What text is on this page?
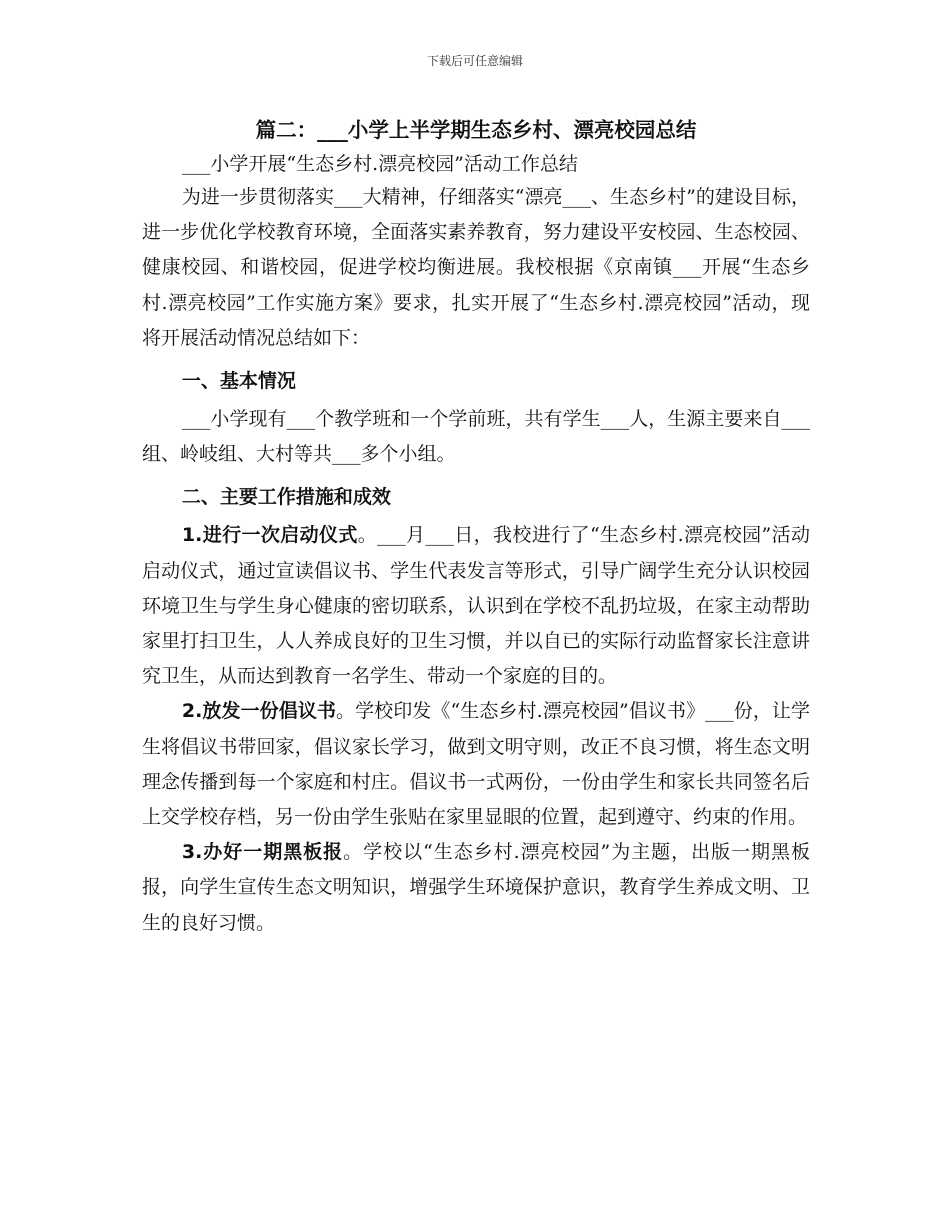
下载后可任意编辑
篇二：___小学上半学期生态乡村、漂亮校园总结
___小学开展“生态乡村.漂亮校园”活动工作总结

为进一步贯彻落实___大精神，仔细落实“漂亮___、生态乡村”的建设目标，进一步优化学校教育环境，全面落实素养教育，努力建设平安校园、生态校园、健康校园、和谐校园，促进学校均衡进展。我校根据《京南镇___开展“生态乡村.漂亮校园”工作实施方案》要求，扎实开展了“生态乡村.漂亮校园”活动，现将开展活动情况总结如下：

一、基本情况

___小学现有___个教学班和一个学前班，共有学生___人，生源主要来自___组、岭岐组、大村等共___多个小组。

二、主要工作措施和成效

1.进行一次启动仪式。___月___日，我校进行了“生态乡村.漂亮校园”活动启动仪式，通过宣读倡议书、学生代表发言等形式，引导广阔学生充分认识校园环境卫生与学生身心健康的密切联系，认识到在学校不乱扔垃圾，在家主动帮助家里打扫卫生，人人养成良好的卫生习惯，并以自已的实际行动监督家长注意讲究卫生，从而达到教育一名学生、带动一个家庭的目的。

2.放发一份倡议书。学校印发《“生态乡村.漂亮校园”倡议书》___份，让学生将倡议书带回家，倡议家长学习，做到文明守则，改正不良习惯，将生态文明理念传播到每一个家庭和村庄。倡议书一式两份，一份由学生和家长共同签名后上交学校存档，另一份由学生张贴在家里显眼的位置，起到遵守、约束的作用。

3.办好一期黑板报。学校以“生态乡村.漂亮校园”为主题，出版一期黑板报，向学生宣传生态文明知识，增强学生环境保护意识，教育学生养成文明、卫生的良好习惯。
